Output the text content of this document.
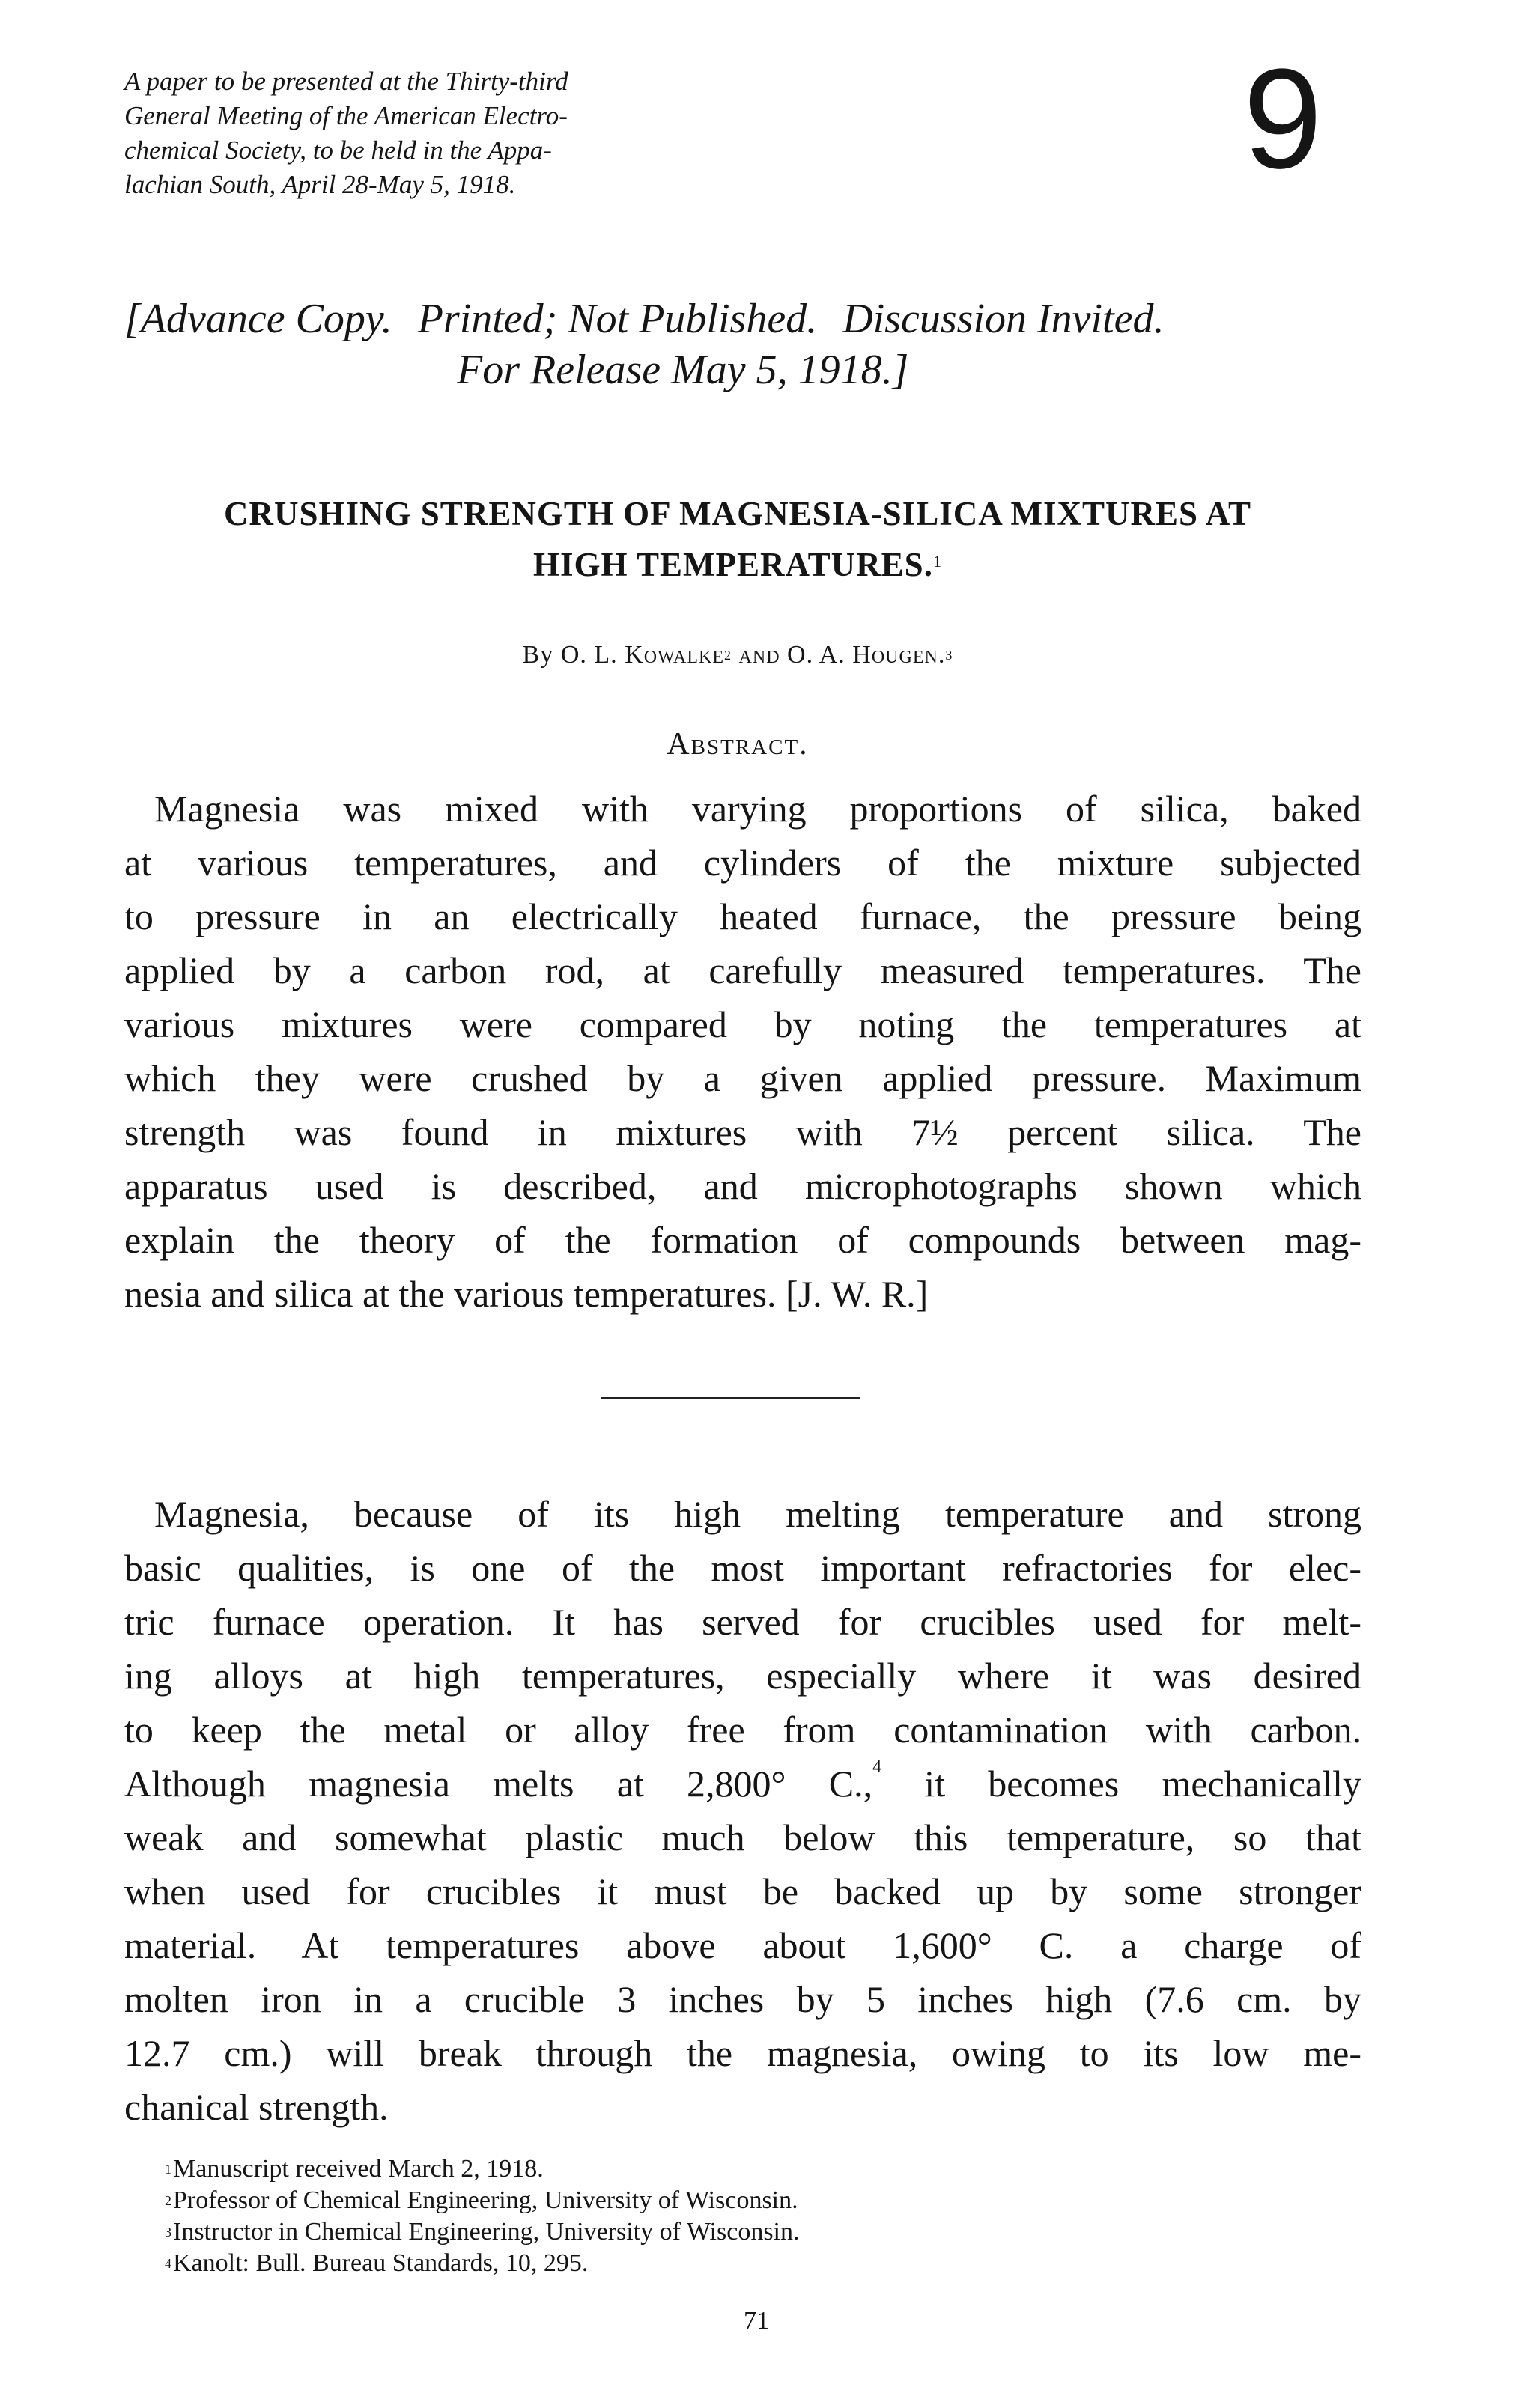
A paper to be presented at the Thirty-third
General Meeting of the American Electro-
chemical Society, to be held in the Appa-
lachian South, April 28-May 5, 1918.	9
[Advance Copy. Printed; Not Published. Discussion Invited.
For Release May 5, 1918.]
CRUSHING STRENGTH OF MAGNESIA-SILICA MIXTURES AT
HIGH TEMPERATURES.$^1$
By O. L. Kowalke$^2$ and O. A. Hougen.$^3$
Abstract.
Magnesia was mixed with varying proportions of silica, baked
at various temperatures, and cylinders of the mixture subjected
to pressure in an electrically heated furnace, the pressure being
applied by a carbon rod, at carefully measured temperatures. The
various mixtures were compared by noting the temperatures at
which they were crushed by a given applied pressure. Maximum
strength was found in mixtures with 7½ percent silica. The
apparatus used is described, and microphotographs shown which
explain the theory of the formation of compounds between mag-
nesia and silica at the various temperatures. [J. W. R.]
Magnesia, because of its high melting temperature and strong
basic qualities, is one of the most important refractories for elec-
tric furnace operation. It has served for crucibles used for melt-
ing alloys at high temperatures, especially where it was desired
to keep the metal or alloy free from contamination with carbon.
Although magnesia melts at 2,800° C.,$^4$ it becomes mechanically
weak and somewhat plastic much below this temperature, so that
when used for crucibles it must be backed up by some stronger
material. At temperatures above about 1,600° C. a charge of
molten iron in a crucible 3 inches by 5 inches high (7.6 cm. by
12.7 cm.) will break through the magnesia, owing to its low me-
chanical strength.
$^1$Manuscript received March 2, 1918.
$^2$Professor of Chemical Engineering, University of Wisconsin.
$^3$Instructor in Chemical Engineering, University of Wisconsin.
$^4$Kanolt: Bull. Bureau Standards, 10, 295.
71
